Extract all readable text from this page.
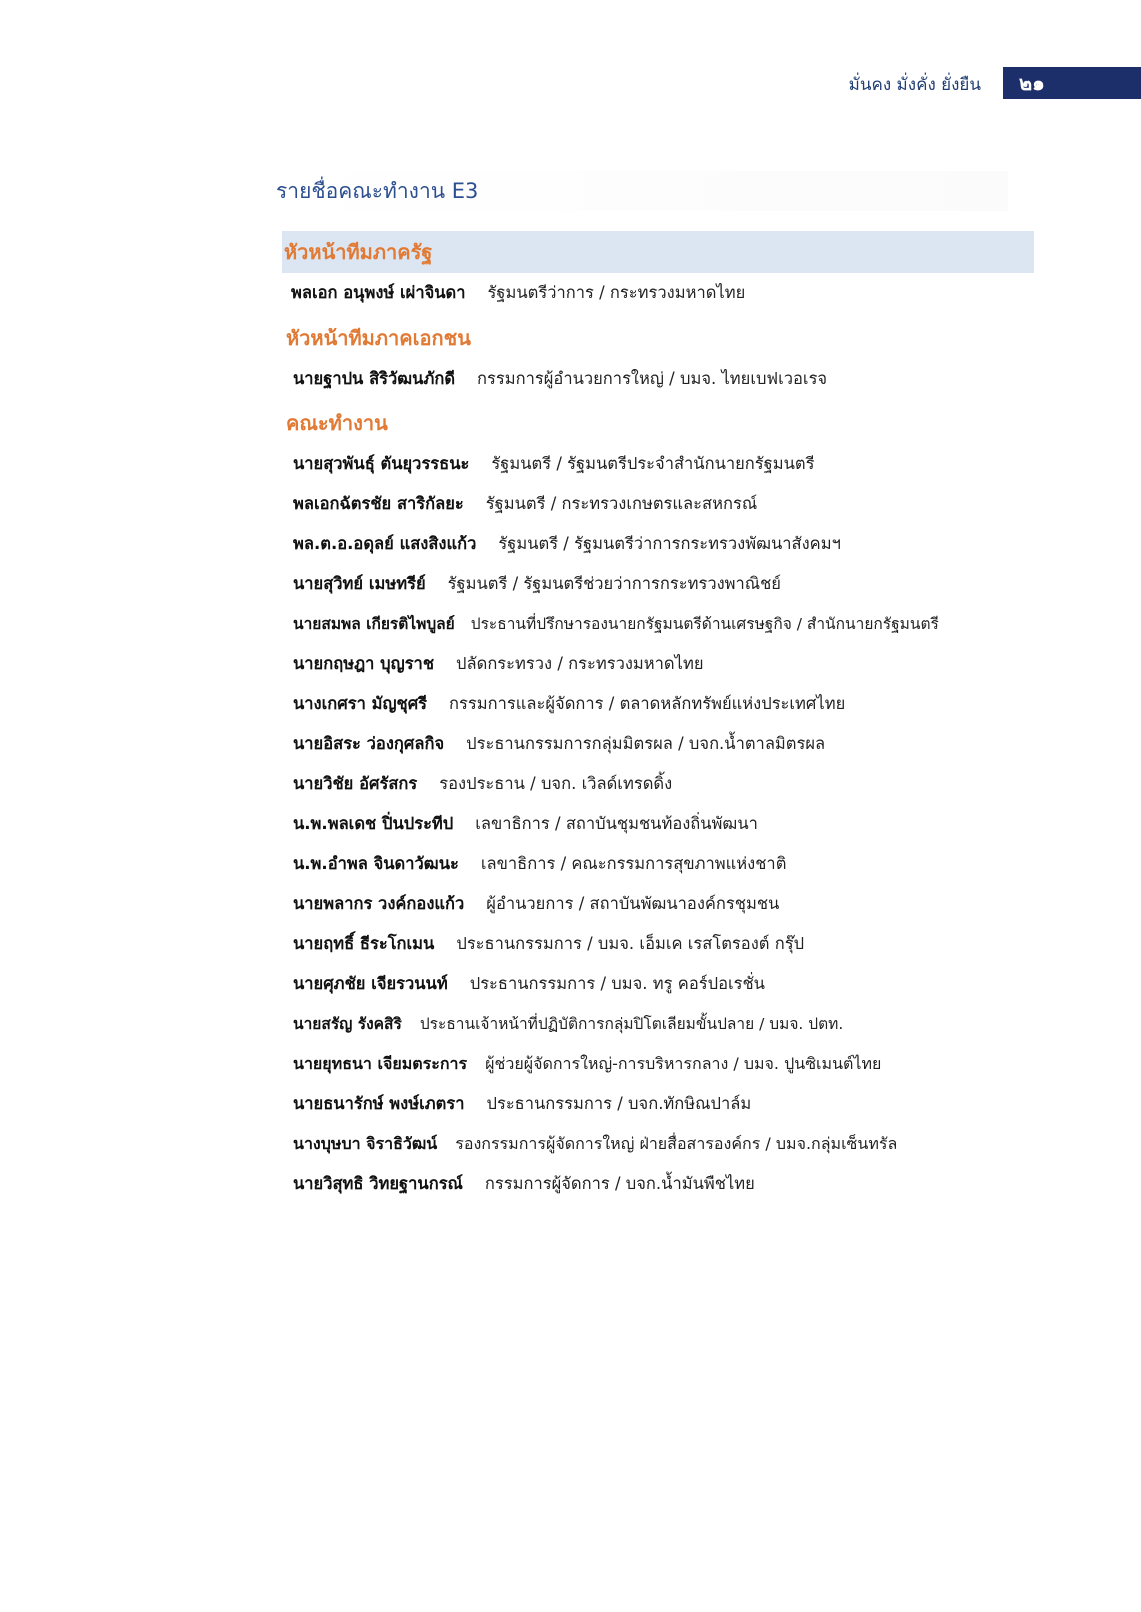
มั่นคง มั่งคั่ง ยั่งยืน ๒๑
รายชื่อคณะทำงาน E3
หัวหน้าทีมภาครัฐ
พลเอก อนุพงษ์ เผ่าจินดา รัฐมนตรีว่าการ / กระทรวงมหาดไทย
หัวหน้าทีมภาคเอกชน
นายฐาปน สิริวัฒนภักดี กรรมการผู้อำนวยการใหญ่ / บมจ. ไทยเบฟเวอเรจ
คณะทำงาน
นายสุวพันธุ์ ตันยุวรรธนะ รัฐมนตรี / รัฐมนตรีประจำสำนักนายกรัฐมนตรี
พลเอกฉัตรชัย สาริกัลยะ รัฐมนตรี / กระทรวงเกษตรและสหกรณ์
พล.ต.อ.อดุลย์ แสงสิงแก้ว รัฐมนตรี / รัฐมนตรีว่าการกระทรวงพัฒนาสังคมฯ
นายสุวิทย์ เมษทรีย์ รัฐมนตรี / รัฐมนตรีช่วยว่าการกระทรวงพาณิชย์
นายสมพล เกียรติไพบูลย์ ประธานที่ปรึกษารองนายกรัฐมนตรีด้านเศรษฐกิจ / สำนักนายกรัฐมนตรี
นายกฤษฎา บุญราช ปลัดกระทรวง / กระทรวงมหาดไทย
นางเกศรา มัญชุศรี กรรมการและผู้จัดการ / ตลาดหลักทรัพย์แห่งประเทศไทย
นายอิสระ ว่องกุศลกิจ ประธานกรรมการกลุ่มมิตรผล / บจก.น้ำตาลมิตรผล
นายวิชัย อัศรัสกร รองประธาน / บจก. เวิลด์เทรดดิ้ง
น.พ.พลเดช ปิ่นประทีป เลขาธิการ / สถาบันชุมชนท้องถิ่นพัฒนา
น.พ.อำพล จินดาวัฒนะ เลขาธิการ / คณะกรรมการสุขภาพแห่งชาติ
นายพลากร วงค์กองแก้ว ผู้อำนวยการ / สถาบันพัฒนาองค์กรชุมชน
นายฤทธิ์ ธีระโกเมน ประธานกรรมการ / บมจ. เอ็มเค เรสโตรองต์ กรุ๊ป
นายศุภชัย เจียรวนนท์ ประธานกรรมการ / บมจ. ทรู คอร์ปอเรชั่น
นายสรัญ รังคสิริ ประธานเจ้าหน้าที่ปฏิบัติการกลุ่มปิโตเลียมขั้นปลาย / บมจ. ปตท.
นายยุทธนา เจียมตระการ ผู้ช่วยผู้จัดการใหญ่-การบริหารกลาง / บมจ. ปูนซิเมนต์ไทย
นายธนารักษ์ พงษ์เภตรา ประธานกรรมการ / บจก.ทักษิณปาล์ม
นางบุษบา จิราธิวัฒน์ รองกรรมการผู้จัดการใหญ่ ฝ่ายสื่อสารองค์กร / บมจ.กลุ่มเซ็นทรัล
นายวิสุทธิ วิทยฐานกรณ์ กรรมการผู้จัดการ / บจก.น้ำมันพืชไทย
